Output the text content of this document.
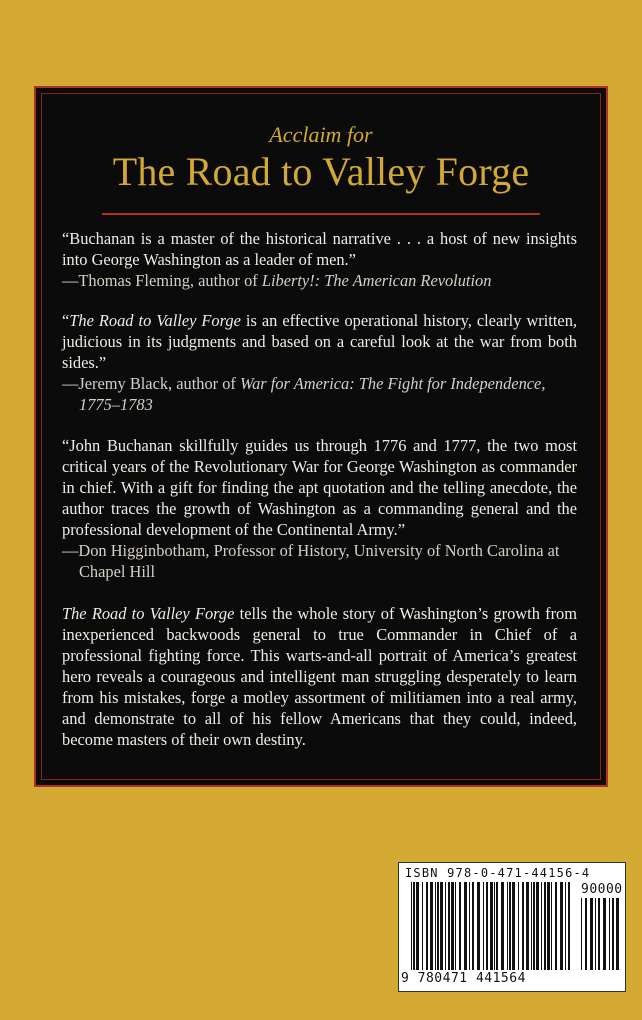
Acclaim for
The Road to Valley Forge
“Buchanan is a master of the historical narrative . . . a host of new insights into George Washington as a leader of men.”
—Thomas Fleming, author of Liberty!: The American Revolution
“The Road to Valley Forge is an effective operational history, clearly written, judicious in its judgments and based on a careful look at the war from both sides.”
—Jeremy Black, author of War for America: The Fight for Independence, 1775–1783
“John Buchanan skillfully guides us through 1776 and 1777, the two most critical years of the Revolutionary War for George Washington as commander in chief. With a gift for finding the apt quotation and the telling anecdote, the author traces the growth of Washington as a commanding general and the professional development of the Continental Army.”
—Don Higginbotham, Professor of History, University of North Carolina at Chapel Hill
The Road to Valley Forge tells the whole story of Washington’s growth from inexperienced backwoods general to true Commander in Chief of a professional fighting force. This warts-and-all portrait of America’s greatest hero reveals a courageous and intelligent man struggling desperately to learn from his mistakes, forge a motley assortment of militiamen into a real army, and demonstrate to all of his fellow Americans that they could, indeed, become masters of their own destiny.
ISBN 978-0-471-44156-4
90000
9 780471 441564
